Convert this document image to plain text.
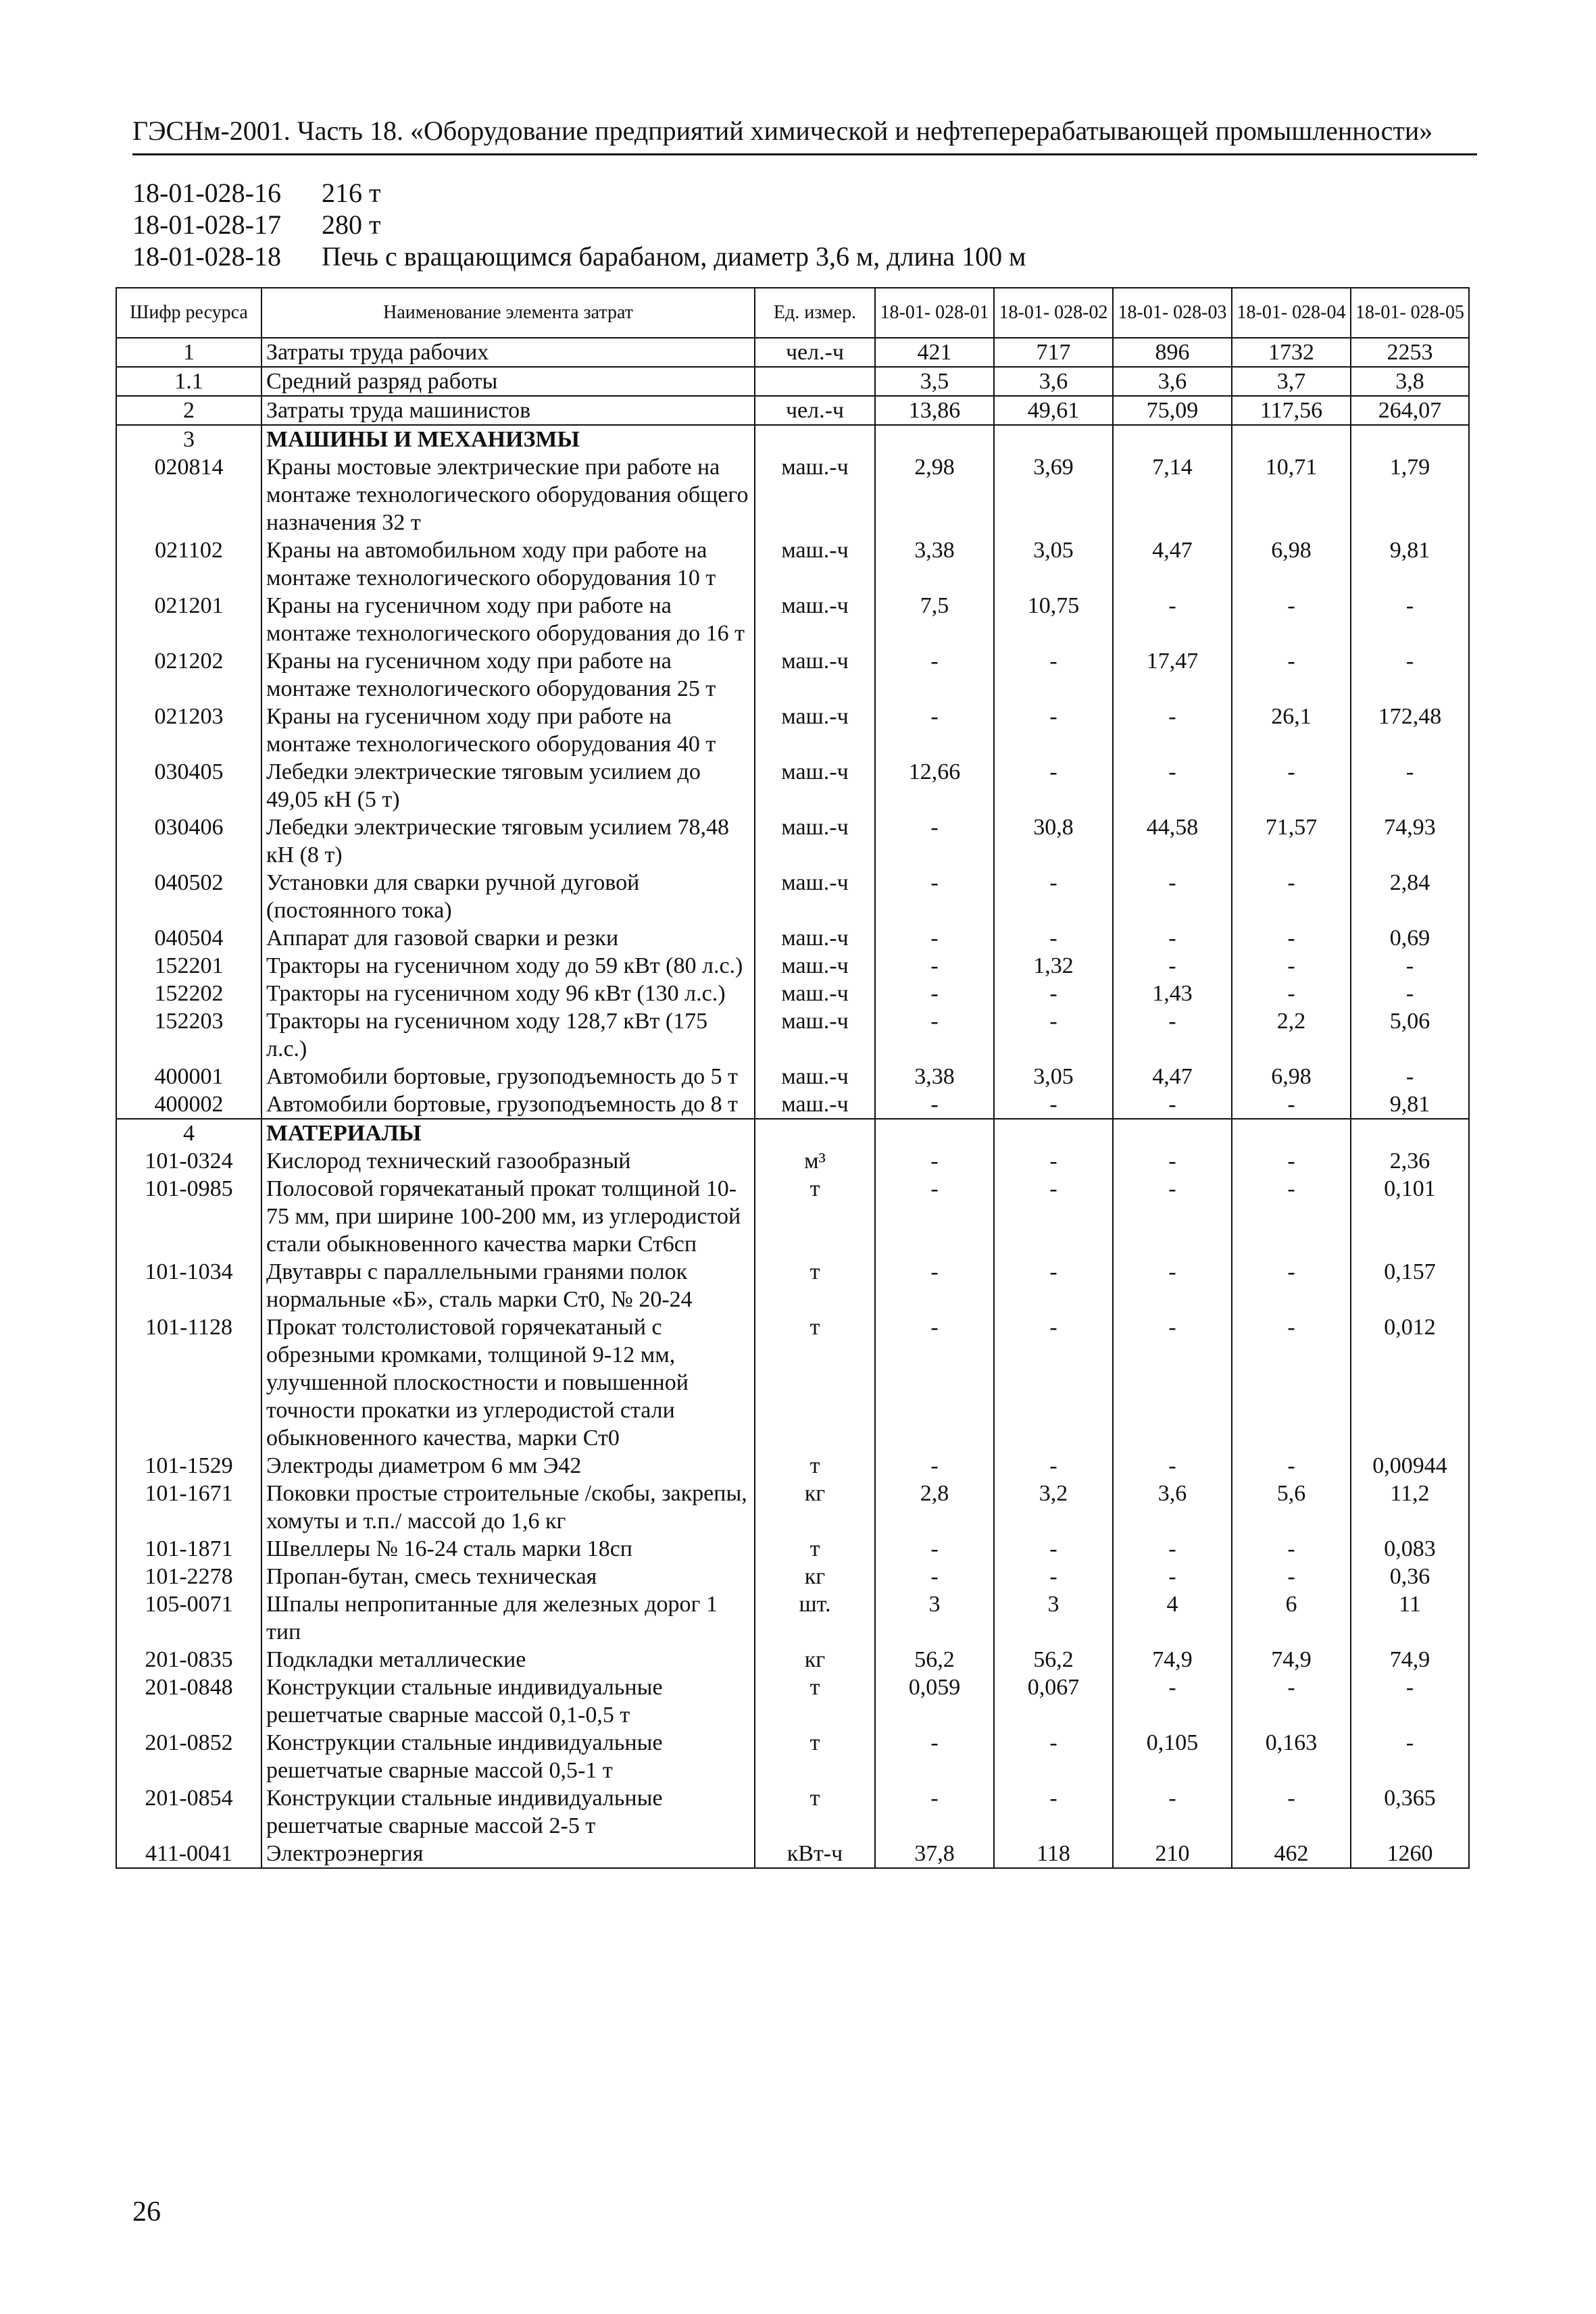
ГЭСНм-2001. Часть 18. «Оборудование предприятий химической и нефтеперерабатывающей промышленности»
18-01-028-16	216 т
18-01-028-17	280 т
18-01-028-18	Печь с вращающимся барабаном, диаметр 3,6 м, длина 100 м
Шифр ресурса	Наименование элемента затрат	Ед. измер.	18-01- 028-01	18-01- 028-02	18-01- 028-03	18-01- 028-04	18-01- 028-05
1	Затраты труда рабочих	чел.-ч	421	717	896	1732	2253
1.1	Средний разряд работы		3,5	3,6	3,6	3,7	3,8
2	Затраты труда машинистов	чел.-ч	13,86	49,61	75,09	117,56	264,07
3	МАШИНЫ И МЕХАНИЗМЫ						
020814	Краны мостовые электрические при работе на монтаже технологического оборудования общего назначения 32 т	маш.-ч	2,98	3,69	7,14	10,71	1,79
021102	Краны на автомобильном ходу при работе на монтаже технологического оборудования 10 т	маш.-ч	3,38	3,05	4,47	6,98	9,81
021201	Краны на гусеничном ходу при работе на монтаже технологического оборудования до 16 т	маш.-ч	7,5	10,75	-	-	-
021202	Краны на гусеничном ходу при работе на монтаже технологического оборудования 25 т	маш.-ч	-	-	17,47	-	-
021203	Краны на гусеничном ходу при работе на монтаже технологического оборудования 40 т	маш.-ч	-	-	-	26,1	172,48
030405	Лебедки электрические тяговым усилием до 49,05 кН (5 т)	маш.-ч	12,66	-	-	-	-
030406	Лебедки электрические тяговым усилием 78,48 кН (8 т)	маш.-ч	-	30,8	44,58	71,57	74,93
040502	Установки для сварки ручной дуговой (постоянного тока)	маш.-ч	-	-	-	-	2,84
040504	Аппарат для газовой сварки и резки	маш.-ч	-	-	-	-	0,69
152201	Тракторы на гусеничном ходу до 59 кВт (80 л.с.)	маш.-ч	-	1,32	-	-	-
152202	Тракторы на гусеничном ходу 96 кВт (130 л.с.)	маш.-ч	-	-	1,43	-	-
152203	Тракторы на гусеничном ходу 128,7 кВт (175 л.с.)	маш.-ч	-	-	-	2,2	5,06
400001	Автомобили бортовые, грузоподъемность до 5 т	маш.-ч	3,38	3,05	4,47	6,98	-
400002	Автомобили бортовые, грузоподъемность до 8 т	маш.-ч	-	-	-	-	9,81
4	МАТЕРИАЛЫ						
101-0324	Кислород технический газообразный	м³	-	-	-	-	2,36
101-0985	Полосовой горячекатаный прокат толщиной 10-75 мм, при ширине 100-200 мм, из углеродистой стали обыкновенного качества марки Ст6сп	т	-	-	-	-	0,101
101-1034	Двутавры с параллельными гранями полок нормальные «Б», сталь марки Ст0, № 20-24	т	-	-	-	-	0,157
101-1128	Прокат толстолистовой горячекатаный с обрезными кромками, толщиной 9-12 мм, улучшенной плоскостности и повышенной точности прокатки из углеродистой стали обыкновенного качества, марки Ст0	т	-	-	-	-	0,012
101-1529	Электроды диаметром 6 мм Э42	т	-	-	-	-	0,00944
101-1671	Поковки простые строительные /скобы, закрепы, хомуты и т.п./ массой до 1,6 кг	кг	2,8	3,2	3,6	5,6	11,2
101-1871	Швеллеры № 16-24 сталь марки 18сп	т	-	-	-	-	0,083
101-2278	Пропан-бутан, смесь техническая	кг	-	-	-	-	0,36
105-0071	Шпалы непропитанные для железных дорог 1 тип	шт.	3	3	4	6	11
201-0835	Подкладки металлические	кг	56,2	56,2	74,9	74,9	74,9
201-0848	Конструкции стальные индивидуальные решетчатые сварные массой 0,1-0,5 т	т	0,059	0,067	-	-	-
201-0852	Конструкции стальные индивидуальные решетчатые сварные массой 0,5-1 т	т	-	-	0,105	0,163	-
201-0854	Конструкции стальные индивидуальные решетчатые сварные массой 2-5 т	т	-	-	-	-	0,365
411-0041	Электроэнергия	кВт-ч	37,8	118	210	462	1260
26
